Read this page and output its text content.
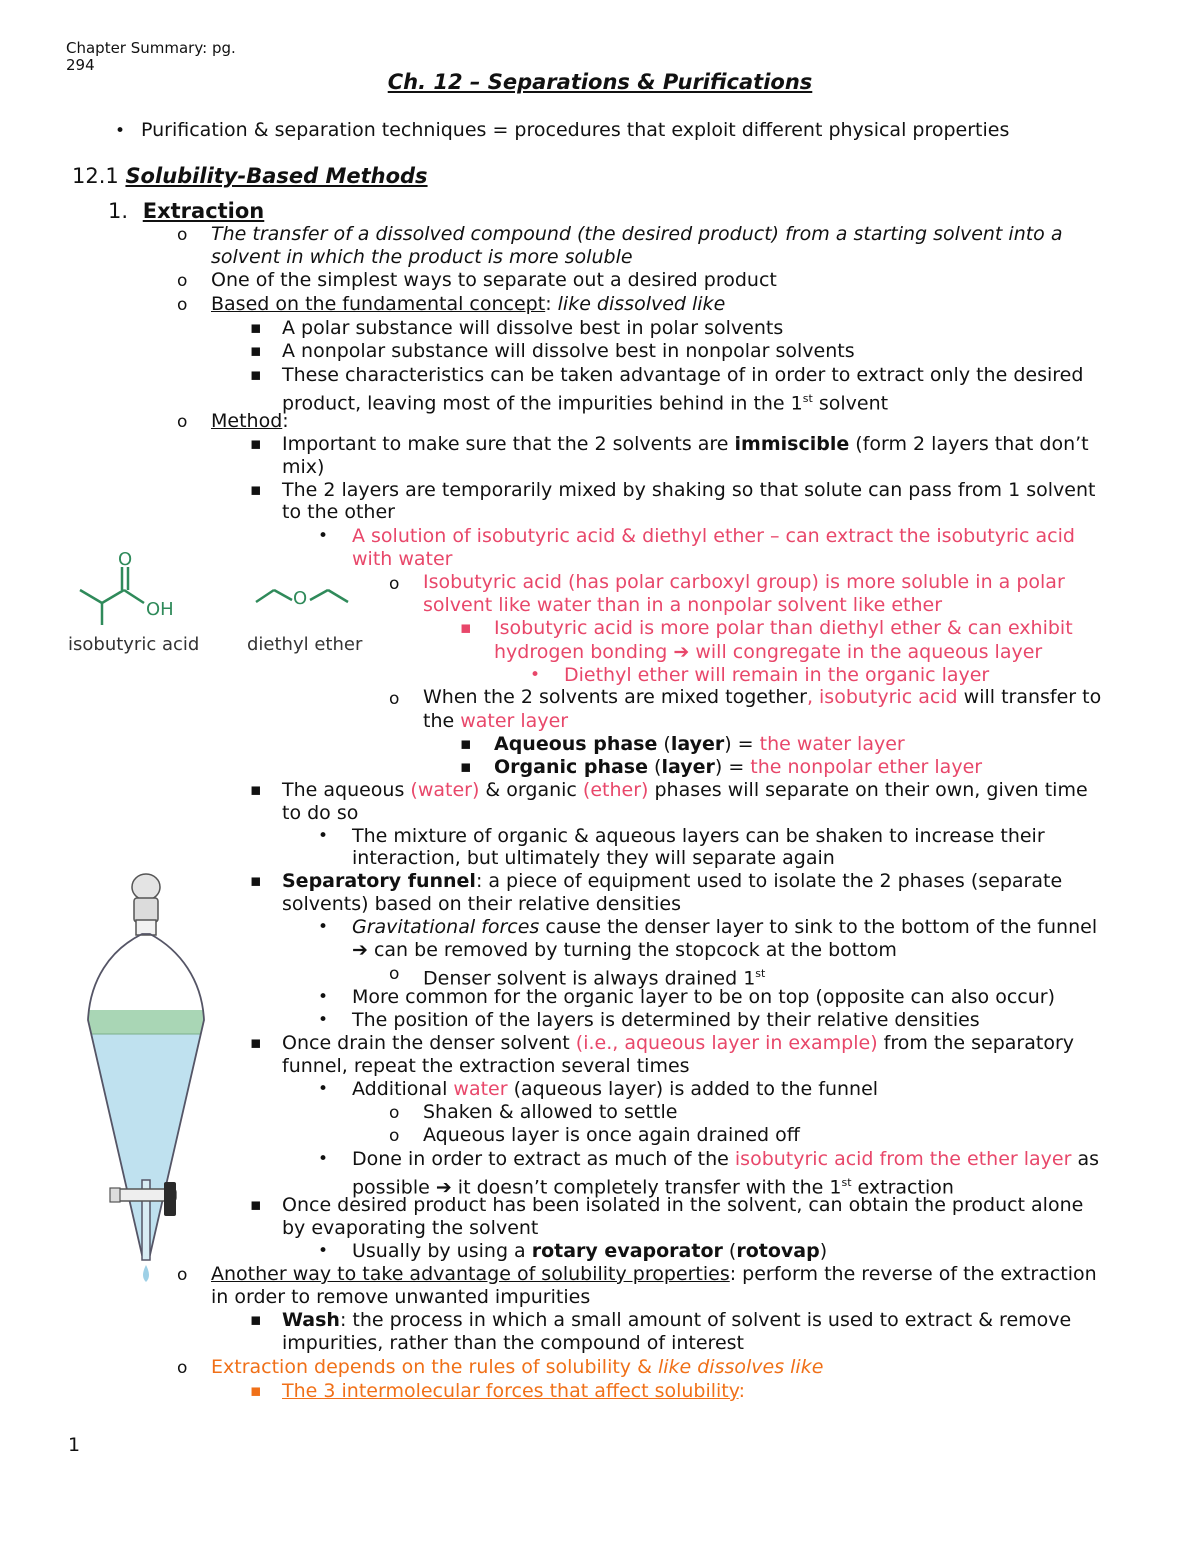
Chapter Summary: pg.
294
Ch. 12 – Separations & Purifications
• Purification & separation techniques = procedures that exploit different physical properties
12.1 Solubility-Based Methods
1. Extraction
o The transfer of a dissolved compound (the desired product) from a starting solvent into a
solvent in which the product is more soluble
o One of the simplest ways to separate out a desired product
o Based on the fundamental concept: like dissolved like
▪ A polar substance will dissolve best in polar solvents
▪ A nonpolar substance will dissolve best in nonpolar solvents
▪ These characteristics can be taken advantage of in order to extract only the desired
product, leaving most of the impurities behind in the 1st solvent
o Method:
▪ Important to make sure that the 2 solvents are immiscible (form 2 layers that don’t
mix)
▪ The 2 layers are temporarily mixed by shaking so that solute can pass from 1 solvent
to the other
• A solution of isobutyric acid & diethyl ether – can extract the isobutyric acid
with water
o Isobutyric acid (has polar carboxyl group) is more soluble in a polar
solvent like water than in a nonpolar solvent like ether
▪ Isobutyric acid is more polar than diethyl ether & can exhibit
hydrogen bonding ➔ will congregate in the aqueous layer
• Diethyl ether will remain in the organic layer
o When the 2 solvents are mixed together, isobutyric acid will transfer to
the water layer
▪ Aqueous phase (layer) = the water layer
▪ Organic phase (layer) = the nonpolar ether layer
▪ The aqueous (water) & organic (ether) phases will separate on their own, given time
to do so
• The mixture of organic & aqueous layers can be shaken to increase their
interaction, but ultimately they will separate again
▪ Separatory funnel: a piece of equipment used to isolate the 2 phases (separate
solvents) based on their relative densities
• Gravitational forces cause the denser layer to sink to the bottom of the funnel
➔ can be removed by turning the stopcock at the bottom
o Denser solvent is always drained 1st
• More common for the organic layer to be on top (opposite can also occur)
• The position of the layers is determined by their relative densities
▪ Once drain the denser solvent (i.e., aqueous layer in example) from the separatory
funnel, repeat the extraction several times
• Additional water (aqueous layer) is added to the funnel
o Shaken & allowed to settle
o Aqueous layer is once again drained off
• Done in order to extract as much of the isobutyric acid from the ether layer as
possible ➔ it doesn’t completely transfer with the 1st extraction
▪ Once desired product has been isolated in the solvent, can obtain the product alone
by evaporating the solvent
• Usually by using a rotary evaporator (rotovap)
o Another way to take advantage of solubility properties: perform the reverse of the extraction
in order to remove unwanted impurities
▪ Wash: the process in which a small amount of solvent is used to extract & remove
impurities, rather than the compound of interest
o Extraction depends on the rules of solubility & like dissolves like
▪ The 3 intermolecular forces that affect solubility:
O
OH
isobutyric acid
O
diethyl ether
1
